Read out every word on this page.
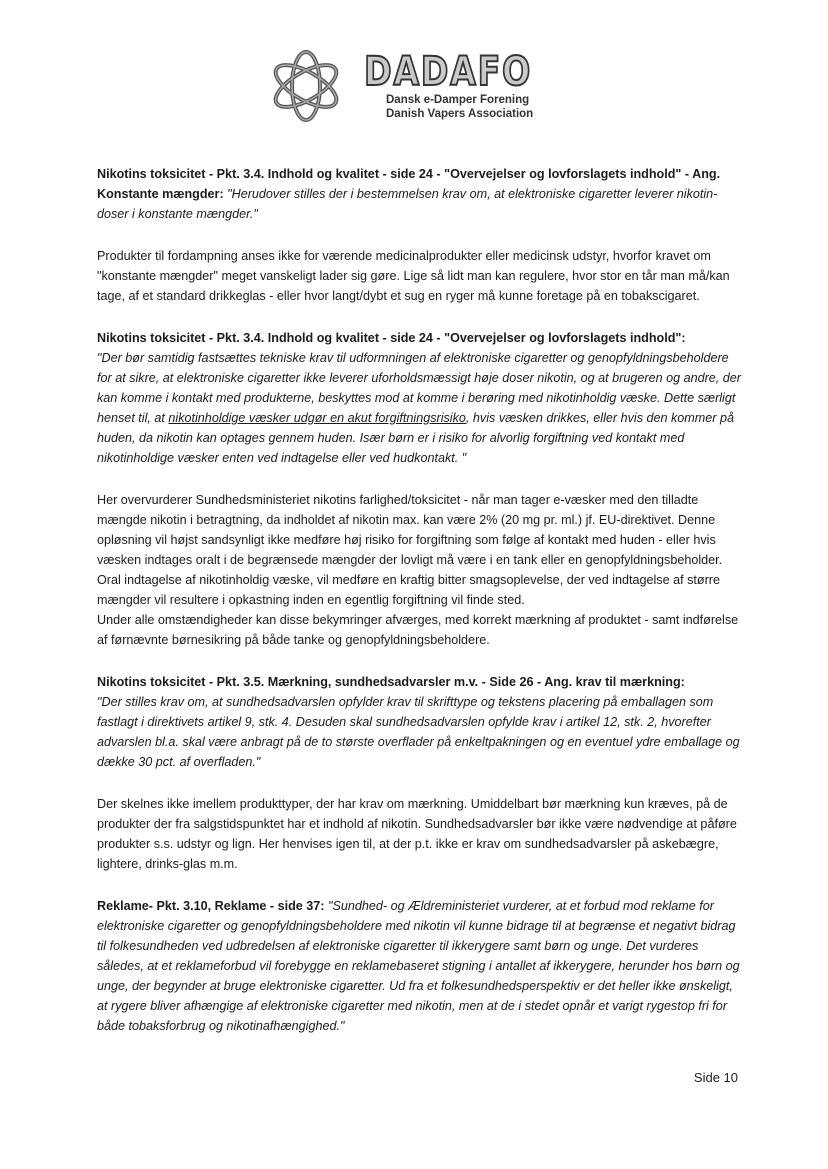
DADAFO
Dansk e-Damper Forening
Danish Vapers Association

Nikotins toksicitet - Pkt. 3.4. Indhold og kvalitet - side 24 - "Overvejelser og lovforslagets indhold" - Ang. Konstante mængder: "Herudover stilles der i bestemmelsen krav om, at elektroniske cigaretter leverer nikotin-doser i konstante mængder."

Produkter til fordampning anses ikke for værende medicinalprodukter eller medicinsk udstyr, hvorfor kravet om "konstante mængder" meget vanskeligt lader sig gøre. Lige så lidt man kan regulere, hvor stor en tår man må/kan tage, af et standard drikkeglas - eller hvor langt/dybt et sug en ryger må kunne foretage på en tobakscigaret.

Nikotins toksicitet - Pkt. 3.4. Indhold og kvalitet - side 24 - "Overvejelser og lovforslagets indhold":
"Der bør samtidig fastsættes tekniske krav til udformningen af elektroniske cigaretter og genopfyldningsbeholdere for at sikre, at elektroniske cigaretter ikke leverer uforholdsmæssigt høje doser nikotin, og at brugeren og andre, der kan komme i kontakt med produkterne, beskyttes mod at komme i berøring med nikotinholdig væske. Dette særligt henset til, at nikotinholdige væsker udgør en akut forgiftningsrisiko, hvis væsken drikkes, eller hvis den kommer på huden, da nikotin kan optages gennem huden. Især børn er i risiko for alvorlig forgiftning ved kontakt med nikotinholdige væsker enten ved indtagelse eller ved hudkontakt. "

Her overvurderer Sundhedsministeriet nikotins farlighed/toksicitet - når man tager e-væsker med den tilladte mængde nikotin i betragtning, da indholdet af nikotin max. kan være 2% (20 mg pr. ml.) jf. EU-direktivet. Denne opløsning vil højst sandsynligt ikke medføre høj risiko for forgiftning som følge af kontakt med huden - eller hvis væsken indtages oralt i de begrænsede mængder der lovligt må være i en tank eller en genopfyldningsbeholder. Oral indtagelse af nikotinholdig væske, vil medføre en kraftig bitter smagsoplevelse, der ved indtagelse af større mængder vil resultere i opkastning inden en egentlig forgiftning vil finde sted.
Under alle omstændigheder kan disse bekymringer afværges, med korrekt mærkning af produktet - samt indførelse af førnævnte børnesikring på både tanke og genopfyldningsbeholdere.

Nikotins toksicitet - Pkt. 3.5. Mærkning, sundhedsadvarsler m.v. - Side 26 - Ang. krav til mærkning:
"Der stilles krav om, at sundhedsadvarslen opfylder krav til skrifttype og tekstens placering på emballagen som fastlagt i direktivets artikel 9, stk. 4. Desuden skal sundhedsadvarslen opfylde krav i artikel 12, stk. 2, hvorefter advarslen bl.a. skal være anbragt på de to største overflader på enkeltpakningen og en eventuel ydre emballage og dække 30 pct. af overfladen."

Der skelnes ikke imellem produkttyper, der har krav om mærkning. Umiddelbart bør mærkning kun kræves, på de produkter der fra salgstidspunktet har et indhold af nikotin. Sundhedsadvarsler bør ikke være nødvendige at påføre produkter s.s. udstyr og lign. Her henvises igen til, at der p.t. ikke er krav om sundhedsadvarsler på askebægre, lightere, drinks-glas m.m.

Reklame- Pkt. 3.10, Reklame - side 37: "Sundhed- og Ældreministeriet vurderer, at et forbud mod reklame for elektroniske cigaretter og genopfyldningsbeholdere med nikotin vil kunne bidrage til at begrænse et negativt bidrag til folkesundheden ved udbredelsen af elektroniske cigaretter til ikkerygere samt børn og unge. Det vurderes således, at et reklameforbud vil forebygge en reklamebaseret stigning i antallet af ikkerygere, herunder hos børn og unge, der begynder at bruge elektroniske cigaretter. Ud fra et folkesundhedsperspektiv er det heller ikke ønskeligt, at rygere bliver afhængige af elektroniske cigaretter med nikotin, men at de i stedet opnår et varigt rygestop fri for både tobaksforbrug og nikotinafhængighed."

Side 10
